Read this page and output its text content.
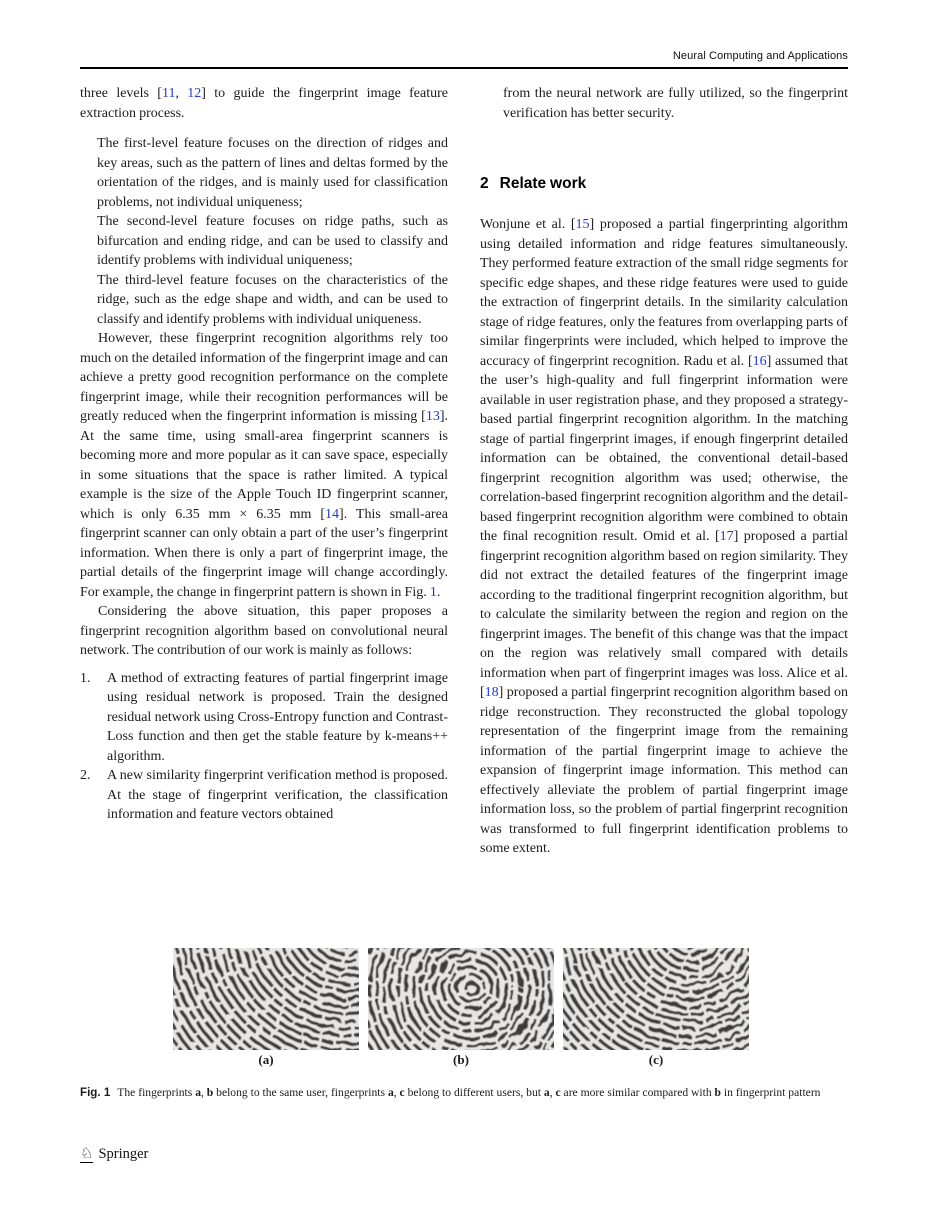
Neural Computing and Applications

three levels [11, 12] to guide the fingerprint image feature extraction process.

The first-level feature focuses on the direction of ridges and key areas, such as the pattern of lines and deltas formed by the orientation of the ridges, and is mainly used for classification problems, not individual uniqueness;

The second-level feature focuses on ridge paths, such as bifurcation and ending ridge, and can be used to classify and identify problems with individual uniqueness;

The third-level feature focuses on the characteristics of the ridge, such as the edge shape and width, and can be used to classify and identify problems with individual uniqueness.

However, these fingerprint recognition algorithms rely too much on the detailed information of the fingerprint image and can achieve a pretty good recognition performance on the complete fingerprint image, while their recognition performances will be greatly reduced when the fingerprint information is missing [13]. At the same time, using small-area fingerprint scanners is becoming more and more popular as it can save space, especially in some situations that the space is rather limited. A typical example is the size of the Apple Touch ID fingerprint scanner, which is only 6.35 mm × 6.35 mm [14]. This small-area fingerprint scanner can only obtain a part of the user’s fingerprint information. When there is only a part of fingerprint image, the partial details of the fingerprint image will change accordingly. For example, the change in fingerprint pattern is shown in Fig. 1.

Considering the above situation, this paper proposes a fingerprint recognition algorithm based on convolutional neural network. The contribution of our work is mainly as follows:

1.	A method of extracting features of partial fingerprint image using residual network is proposed. Train the designed residual network using Cross-Entropy function and Contrast-Loss function and then get the stable feature by k-means++ algorithm.
2.	A new similarity fingerprint verification method is proposed. At the stage of fingerprint verification, the classification information and feature vectors obtained

from the neural network are fully utilized, so the fingerprint verification has better security.

2 Relate work

Wonjune et al. [15] proposed a partial fingerprinting algorithm using detailed information and ridge features simultaneously. They performed feature extraction of the small ridge segments for specific edge shapes, and these ridge features were used to guide the extraction of fingerprint details. In the similarity calculation stage of ridge features, only the features from overlapping parts of similar fingerprints were included, which helped to improve the accuracy of fingerprint recognition. Radu et al. [16] assumed that the user’s high-quality and full fingerprint information were available in user registration phase, and they proposed a strategy-based partial fingerprint recognition algorithm. In the matching stage of partial fingerprint images, if enough fingerprint detailed information can be obtained, the conventional detail-based fingerprint recognition algorithm was used; otherwise, the correlation-based fingerprint recognition algorithm and the detail-based fingerprint recognition algorithm were combined to obtain the final recognition result. Omid et al. [17] proposed a partial fingerprint recognition algorithm based on region similarity. They did not extract the detailed features of the fingerprint image according to the traditional fingerprint recognition algorithm, but to calculate the similarity between the region and region on the fingerprint images. The benefit of this change was that the impact on the region was relatively small compared with details information when part of fingerprint images was loss. Alice et al. [18] proposed a partial fingerprint recognition algorithm based on ridge reconstruction. They reconstructed the global topology representation of the fingerprint image from the remaining information of the partial fingerprint image to achieve the expansion of fingerprint image information. This method can effectively alleviate the problem of partial fingerprint image information loss, so the problem of partial fingerprint recognition was transformed to full fingerprint identification problems to some extent.

(a)	(b)	(c)
Fig. 1 The fingerprints a, b belong to the same user, fingerprints a, c belong to different users, but a, c are more similar compared with b in fingerprint pattern
♘ Springer
